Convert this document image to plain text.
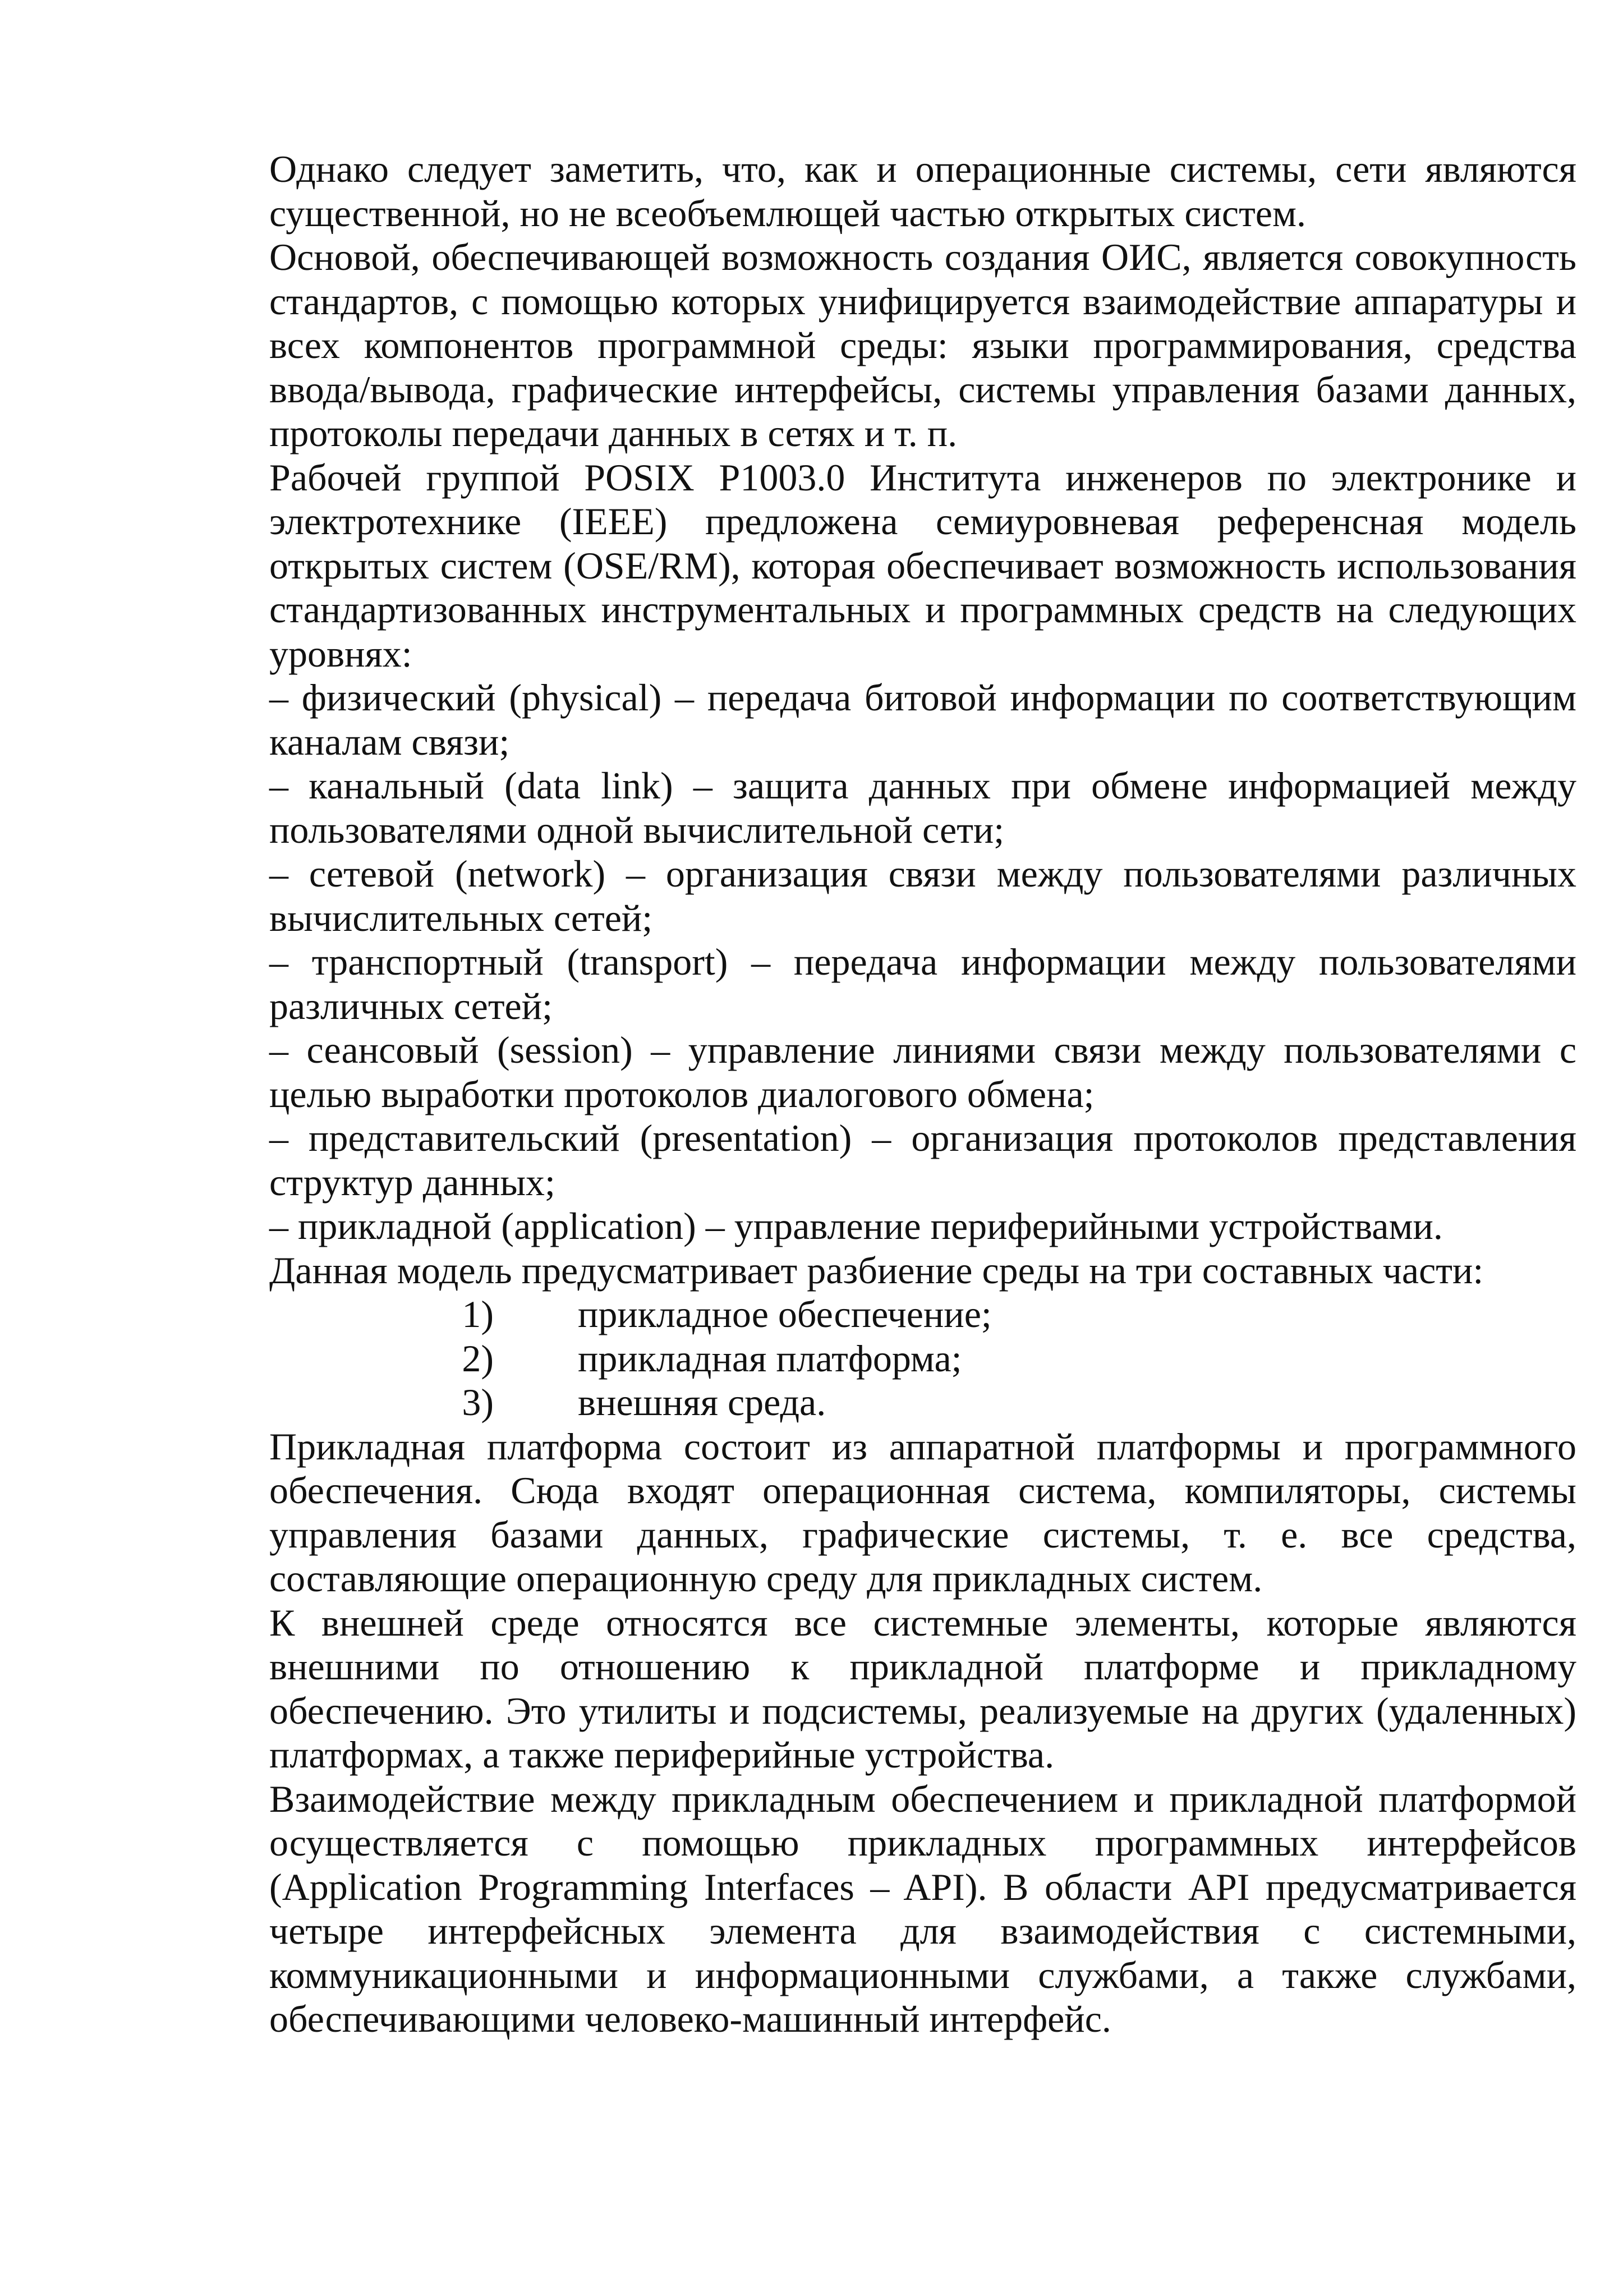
Однако следует заметить, что, как и операционные системы, сети являются существенной, но не всеобъемлющей частью открытых систем.

Основой, обеспечивающей возможность создания ОИС, является совокупность стандартов, с помощью которых унифицируется взаимодействие аппаратуры и всех компонентов программной среды: языки программирования, средства ввода/вывода, графические интерфейсы, системы управления базами данных, протоколы передачи данных в сетях и т. п.

Рабочей группой POSIX P1003.0 Института инженеров по электронике и электротехнике (IEEE) предложена семиуровневая референсная модель открытых систем (OSE/RM), которая обеспечивает возможность использования стандартизованных инструментальных и программных средств на следующих уровнях:

– физический (physical) – передача битовой информации по соответствующим каналам связи;

– канальный (data link) – защита данных при обмене информацией между пользователями одной вычислительной сети;

– сетевой (network) – организация связи между пользователями различных вычислительных сетей;

– транспортный (transport) – передача информации между пользователями различных сетей;

– сеансовый (session) – управление линиями связи между пользователями с целью выработки протоколов диалогового обмена;

– представительский (presentation) – организация протоколов представления структур данных;

– прикладной (application) – управление периферийными устройствами.

Данная модель предусматривает разбиение среды на три составных части:

1) прикладное обеспечение;
2) прикладная платформа;
3) внешняя среда.

Прикладная платформа состоит из аппаратной платформы и программного обеспечения. Сюда входят операционная система, компиляторы, системы управления базами данных, графические системы, т. е. все средства, составляющие операционную среду для прикладных систем.

К внешней среде относятся все системные элементы, которые являются внешними по отношению к прикладной платформе и прикладному обеспечению. Это утилиты и подсистемы, реализуемые на других (удаленных) платформах, а также периферийные устройства.

Взаимодействие между прикладным обеспечением и прикладной платформой осуществляется с помощью прикладных программных интерфейсов (Application Programming Interfaces – API). В области API предусматривается четыре интерфейсных элемента для взаимодействия с системными, коммуникационными и информационными службами, а также службами, обеспечивающими человеко-машинный интерфейс.
